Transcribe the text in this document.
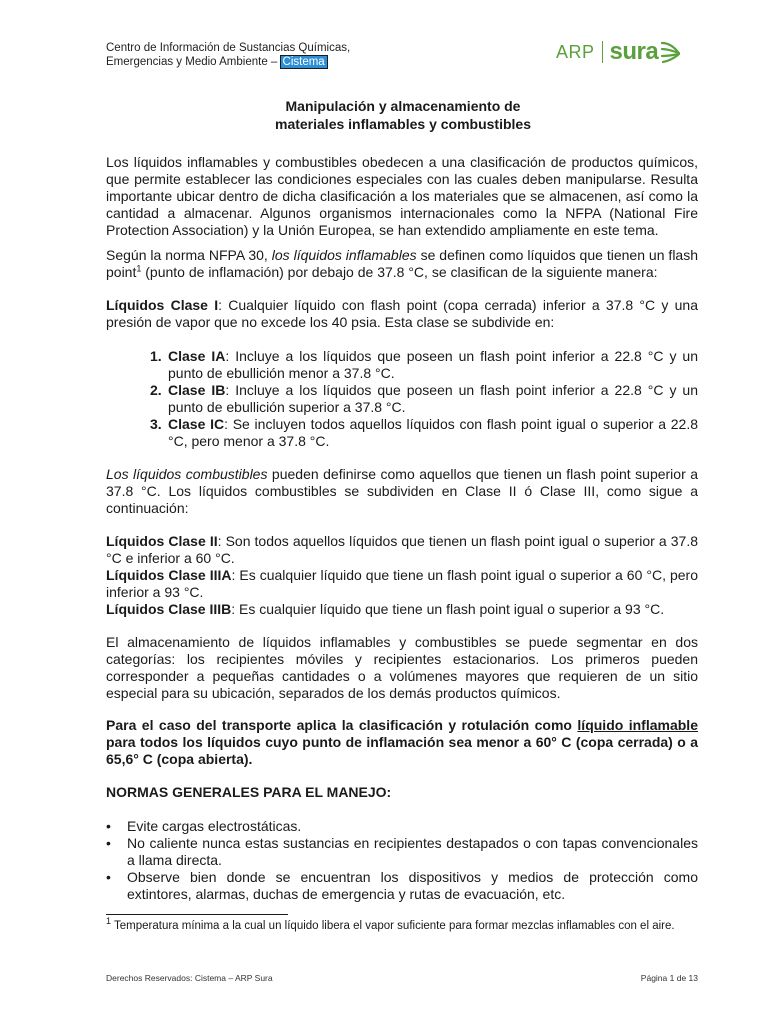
Centro de Información de Sustancias Químicas,
Emergencias y Medio Ambiente – Cistema
ARP sura
Manipulación y almacenamiento de
materiales inflamables y combustibles
Los líquidos inflamables y combustibles obedecen a una clasificación de productos químicos, que permite establecer las condiciones especiales con las cuales deben manipularse. Resulta importante ubicar dentro de dicha clasificación a los materiales que se almacenen, así como la cantidad a almacenar. Algunos organismos internacionales como la NFPA (National Fire Protection Association) y la Unión Europea, se han extendido ampliamente en este tema.
Según la norma NFPA 30, los líquidos inflamables se definen como líquidos que tienen un flash point$^1$ (punto de inflamación) por debajo de 37.8 °C, se clasifican de la siguiente manera:
Líquidos Clase I: Cualquier líquido con flash point (copa cerrada) inferior a 37.8 °C y una presión de vapor que no excede los 40 psia. Esta clase se subdivide en:
1. Clase IA: Incluye a los líquidos que poseen un flash point inferior a 22.8 °C y un punto de ebullición menor a 37.8 °C.
2. Clase IB: Incluye a los líquidos que poseen un flash point inferior a 22.8 °C y un punto de ebullición superior a 37.8 °C.
3. Clase IC: Se incluyen todos aquellos líquidos con flash point igual o superior a 22.8 °C, pero menor a 37.8 °C.
Los líquidos combustibles pueden definirse como aquellos que tienen un flash point superior a 37.8 °C. Los líquidos combustibles se subdividen en Clase II ó Clase III, como sigue a continuación:
Líquidos Clase II: Son todos aquellos líquidos que tienen un flash point igual o superior a 37.8 °C e inferior a 60 °C.
Líquidos Clase IIIA: Es cualquier líquido que tiene un flash point igual o superior a 60 °C, pero inferior a 93 °C.
Líquidos Clase IIIB: Es cualquier líquido que tiene un flash point igual o superior a 93 °C.
El almacenamiento de líquidos inflamables y combustibles se puede segmentar en dos categorías: los recipientes móviles y recipientes estacionarios. Los primeros pueden corresponder a pequeñas cantidades o a volúmenes mayores que requieren de un sitio especial para su ubicación, separados de los demás productos químicos.
Para el caso del transporte aplica la clasificación y rotulación como líquido inflamable para todos los líquidos cuyo punto de inflamación sea menor a 60° C (copa cerrada) o a 65,6° C (copa abierta).
NORMAS GENERALES PARA EL MANEJO:
• Evite cargas electrostáticas.
• No caliente nunca estas sustancias en recipientes destapados o con tapas convencionales a llama directa.
• Observe bien donde se encuentran los dispositivos y medios de protección como extintores, alarmas, duchas de emergencia y rutas de evacuación, etc.
$^1$ Temperatura mínima a la cual un líquido libera el vapor suficiente para formar mezclas inflamables con el aire.
Derechos Reservados: Cistema – ARP Sura	Página 1 de 13
